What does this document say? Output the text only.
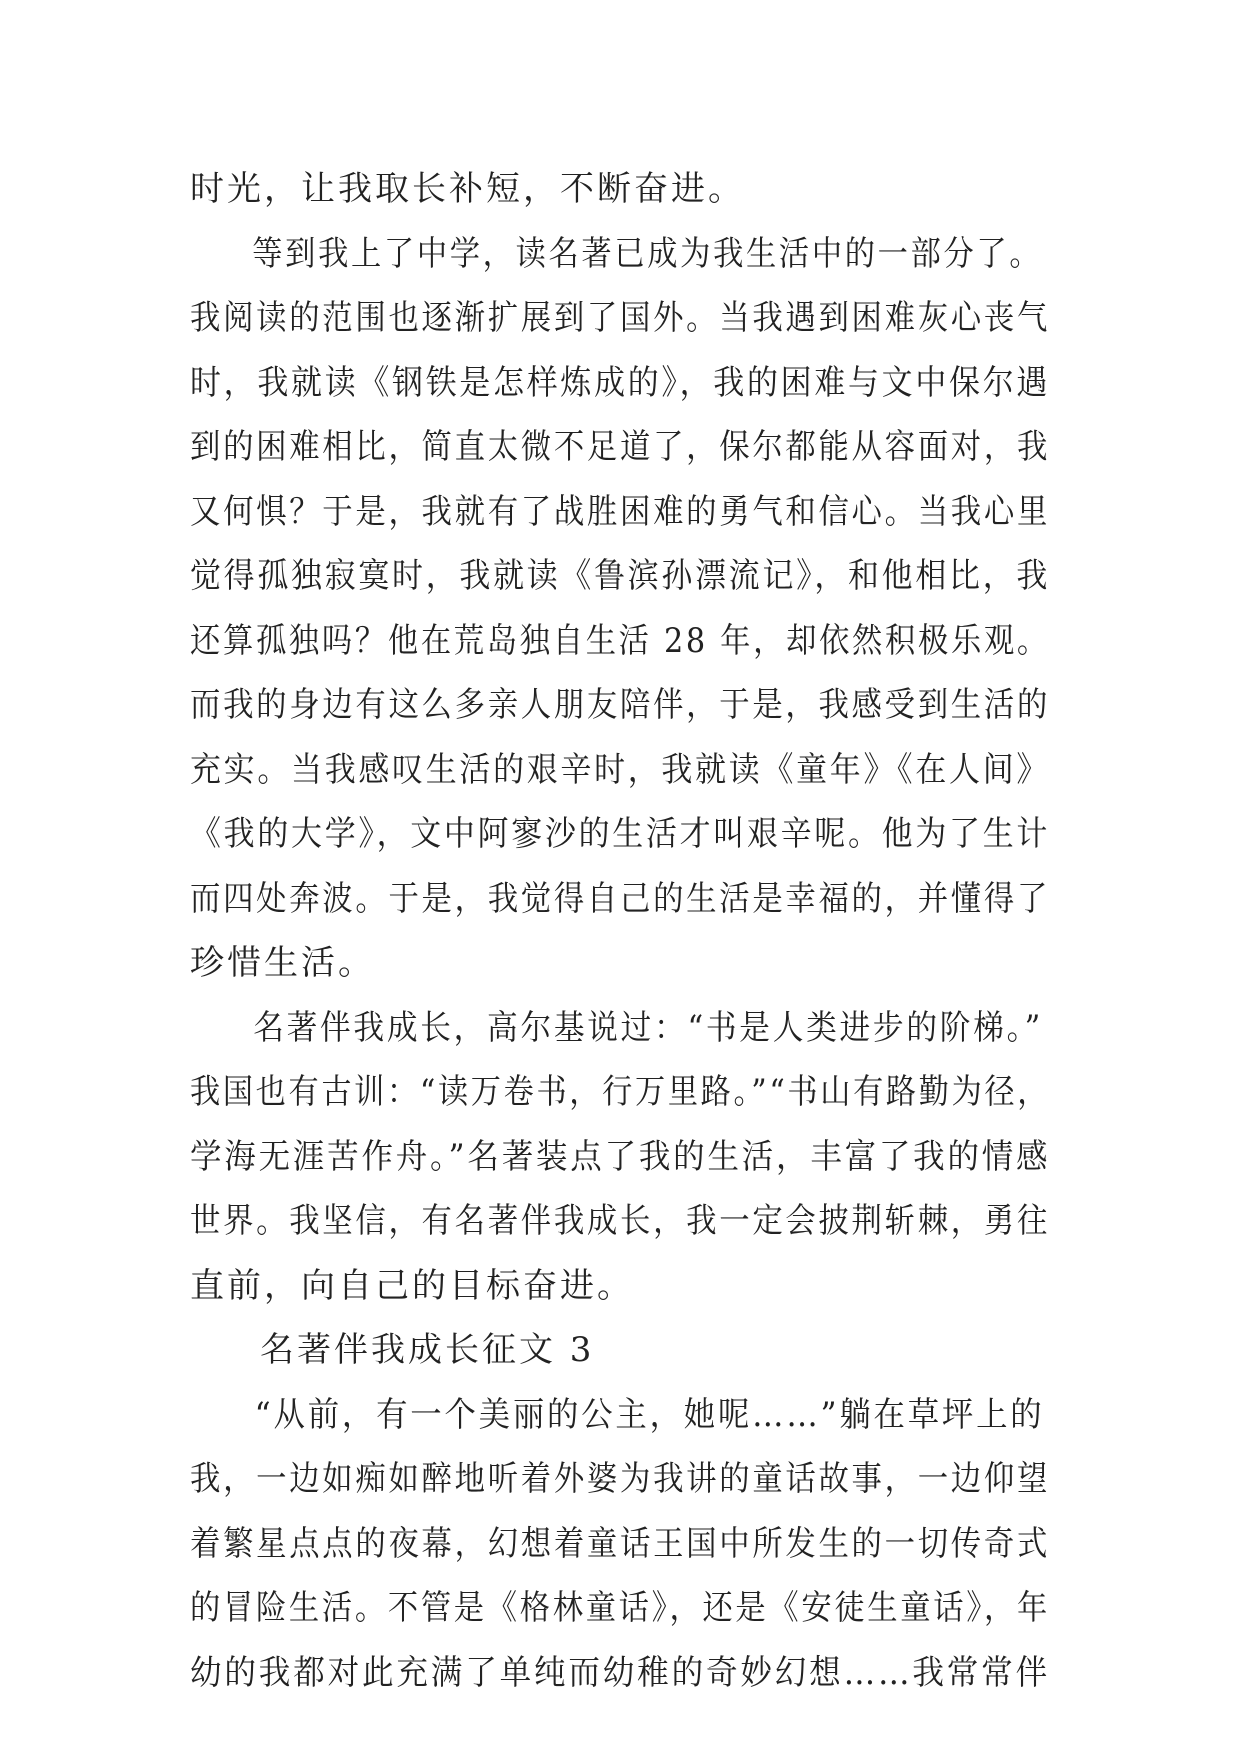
时光，让我取长补短，不断奋进。
等到我上了中学，读名著已成为我生活中的一部分了。
我阅读的范围也逐渐扩展到了国外。当我遇到困难灰心丧气
时，我就读《钢铁是怎样炼成的》，我的困难与文中保尔遇
到的困难相比，简直太微不足道了，保尔都能从容面对，我
又何惧？于是，我就有了战胜困难的勇气和信心。当我心里
觉得孤独寂寞时，我就读《鲁滨孙漂流记》，和他相比，我
还算孤独吗？他在荒岛独自生活 28 年，却依然积极乐观。
而我的身边有这么多亲人朋友陪伴，于是，我感受到生活的
充实。当我感叹生活的艰辛时，我就读《童年》《在人间》
《我的大学》，文中阿寥沙的生活才叫艰辛呢。他为了生计
而四处奔波。于是，我觉得自己的生活是幸福的，并懂得了
珍惜生活。
名著伴我成长，高尔基说过：“书是人类进步的阶梯。”
我国也有古训：“读万卷书，行万里路。”“书山有路勤为径，
学海无涯苦作舟。”名著装点了我的生活，丰富了我的情感
世界。我坚信，有名著伴我成长，我一定会披荆斩棘，勇往
直前，向自己的目标奋进。
名著伴我成长征文 3
“从前，有一个美丽的公主，她呢……”躺在草坪上的
我，一边如痴如醉地听着外婆为我讲的童话故事，一边仰望
着繁星点点的夜幕，幻想着童话王国中所发生的一切传奇式
的冒险生活。不管是《格林童话》，还是《安徒生童话》，年
幼的我都对此充满了单纯而幼稚的奇妙幻想……我常常伴
